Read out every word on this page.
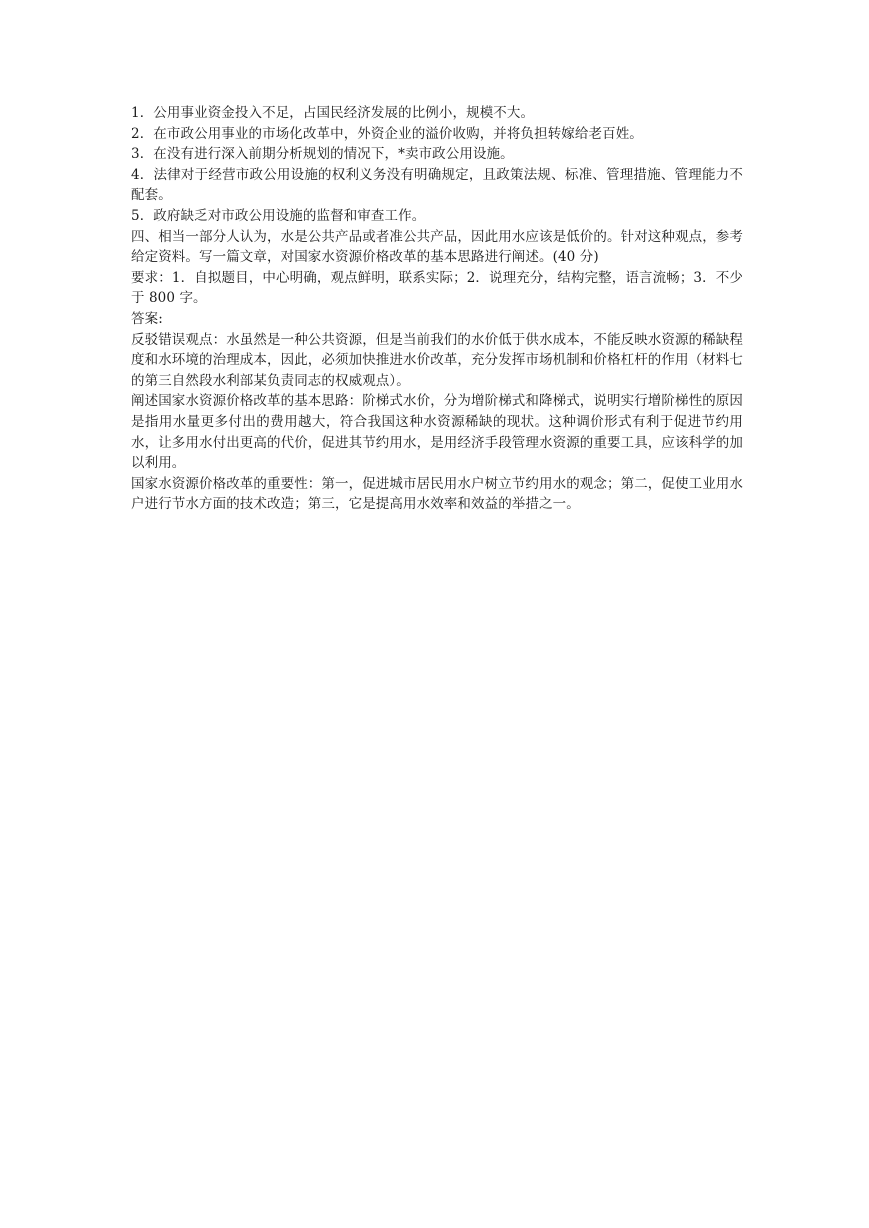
1．公用事业资金投入不足，占国民经济发展的比例小，规模不大。

2．在市政公用事业的市场化改革中，外资企业的溢价收购，并将负担转嫁给老百姓。

3．在没有进行深入前期分析规划的情况下，*卖市政公用设施。

4．法律对于经营市政公用设施的权利义务没有明确规定，且政策法规、标准、管理措施、管理能力不配套。

5．政府缺乏对市政公用设施的监督和审查工作。

四、相当一部分人认为，水是公共产品或者准公共产品，因此用水应该是低价的。针对这种观点，参考给定资料。写一篇文章，对国家水资源价格改革的基本思路进行阐述。(40 分)

要求：1．自拟题目，中心明确，观点鲜明，联系实际；2．说理充分，结构完整，语言流畅；3．不少于 800 字。

答案:

反驳错误观点：水虽然是一种公共资源，但是当前我们的水价低于供水成本，不能反映水资源的稀缺程度和水环境的治理成本，因此，必须加快推进水价改革，充分发挥市场机制和价格杠杆的作用（材料七的第三自然段水利部某负责同志的权威观点）。

阐述国家水资源价格改革的基本思路：阶梯式水价，分为增阶梯式和降梯式，说明实行增阶梯性的原因是指用水量更多付出的费用越大，符合我国这种水资源稀缺的现状。这种调价形式有利于促进节约用水，让多用水付出更高的代价，促进其节约用水，是用经济手段管理水资源的重要工具，应该科学的加以利用。

国家水资源价格改革的重要性：第一，促进城市居民用水户树立节约用水的观念；第二，促使工业用水户进行节水方面的技术改造；第三，它是提高用水效率和效益的举措之一。
